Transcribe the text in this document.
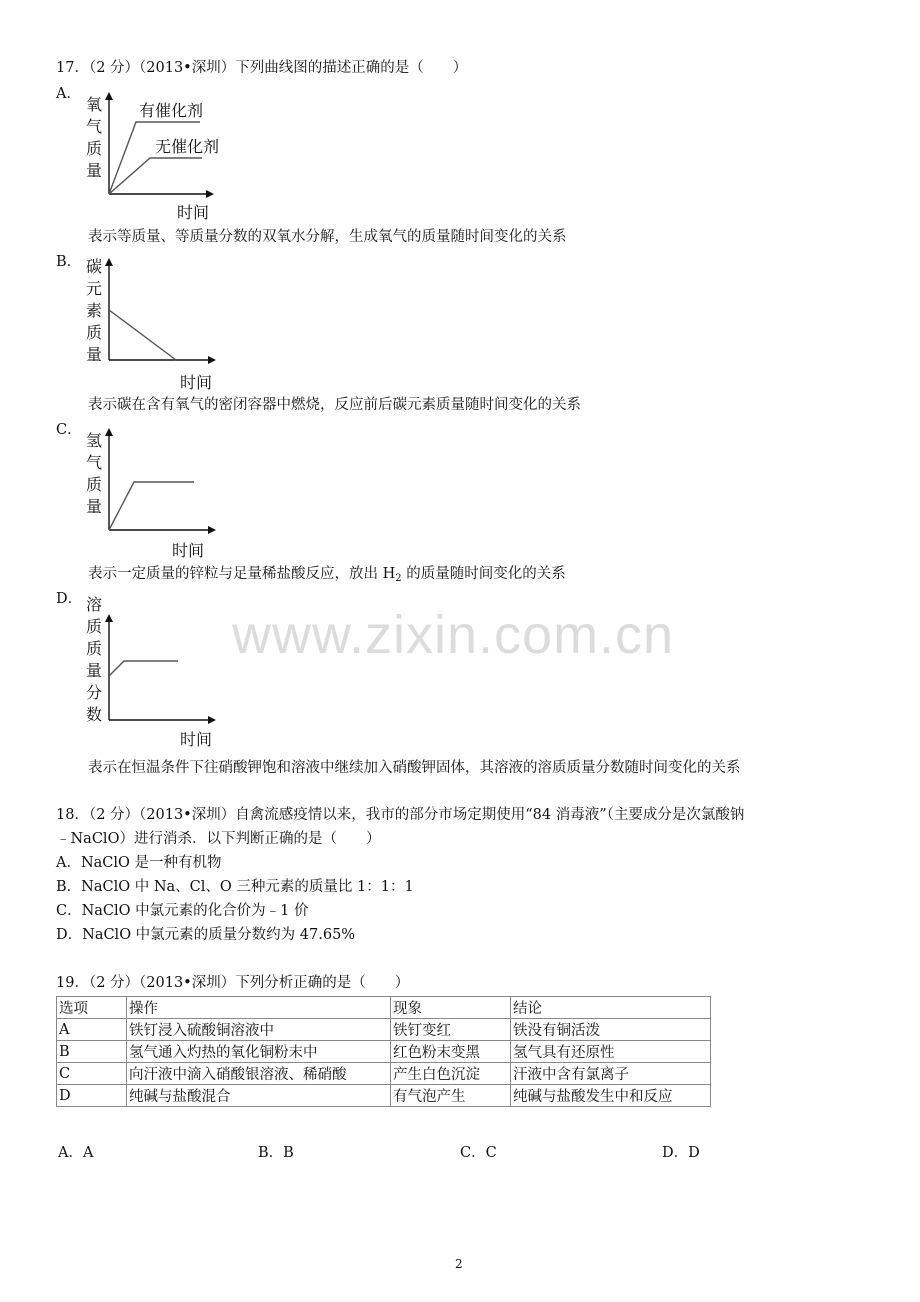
www.zixin.com.cn
17．（2 分）（2013•深圳）下列曲线图的描述正确的是（　　）
A．
氧
气
质
量
有催化剂
无催化剂
时间
表示等质量、等质量分数的双氧水分解，生成氧气的质量随时间变化的关系
B． 碳
元
素
质
量
时间
表示碳在含有氧气的密闭容器中燃烧，反应前后碳元素质量随时间变化的关系
C．
氢
气
质
量
时间
表示一定质量的锌粒与足量稀盐酸反应，放出 $H_2$ 的质量随时间变化的关系
D． 溶
质
质
量
分
数
时间
表示在恒温条件下往硝酸钾饱和溶液中继续加入硝酸钾固体，其溶液的溶质质量分数随时间变化的关系
18．（2 分）（2013•深圳）自禽流感疫情以来，我市的部分市场定期使用“84 消毒液”（主要成分是次氯酸钠
﹣NaClO）进行消杀．以下判断正确的是（　　）
A．NaClO 是一种有机物
B．NaClO 中 Na、Cl、O 三种元素的质量比 1：1：1
C．NaClO 中氯元素的化合价为﹣1 价
D．NaClO 中氯元素的质量分数约为 47.65%
19．（2 分）（2013•深圳）下列分析正确的是（　　）
选项	操作	现象	结论
A	铁钉浸入硫酸铜溶液中	铁钉变红	铁没有铜活泼
B	氢气通入灼热的氧化铜粉末中	红色粉末变黑	氢气具有还原性
C	向汗液中滴入硝酸银溶液、稀硝酸	产生白色沉淀	汗液中含有氯离子
D	纯碱与盐酸混合	有气泡产生	纯碱与盐酸发生中和反应
A．A	B．B	C．C	D．D
2
